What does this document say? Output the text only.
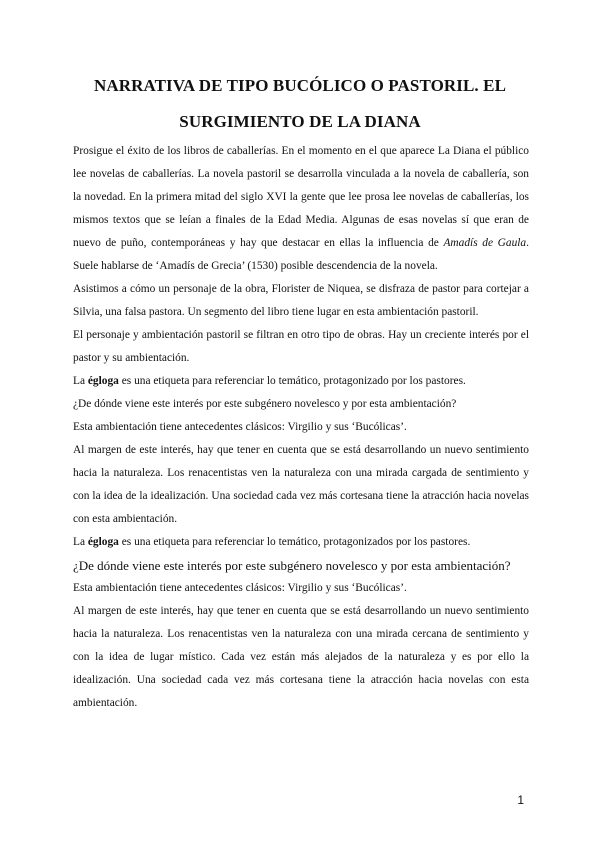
NARRATIVA DE TIPO BUCÓLICO O PASTORIL. EL
SURGIMIENTO DE LA DIANA

Prosigue el éxito de los libros de caballerías. En el momento en el que aparece La Diana el público lee novelas de caballerías. La novela pastoril se desarrolla vinculada a la novela de caballería, son la novedad. En la primera mitad del siglo XVI la gente que lee prosa lee novelas de caballerías, los mismos textos que se leían a finales de la Edad Media. Algunas de esas novelas sí que eran de nuevo de puño, contemporáneas y hay que destacar en ellas la influencia de Amadís de Gaula. Suele hablarse de ‘Amadís de Grecia’ (1530) posible descendencia de la novela.

Asistimos a cómo un personaje de la obra, Florister de Niquea, se disfraza de pastor para cortejar a Silvia, una falsa pastora. Un segmento del libro tiene lugar en esta ambientación pastoril.

El personaje y ambientación pastoril se filtran en otro tipo de obras. Hay un creciente interés por el pastor y su ambientación.

La égloga es una etiqueta para referenciar lo temático, protagonizado por los pastores.

¿De dónde viene este interés por este subgénero novelesco y por esta ambientación?

Esta ambientación tiene antecedentes clásicos: Virgilio y sus ‘Bucólicas’.

Al margen de este interés, hay que tener en cuenta que se está desarrollando un nuevo sentimiento hacia la naturaleza. Los renacentistas ven la naturaleza con una mirada cargada de sentimiento y con la idea de la idealización. Una sociedad cada vez más cortesana tiene la atracción hacia novelas con esta ambientación.

La égloga es una etiqueta para referenciar lo temático, protagonizados por los pastores.

¿De dónde viene este interés por este subgénero novelesco y por esta ambientación?

Esta ambientación tiene antecedentes clásicos: Virgilio y sus ‘Bucólicas’.

Al margen de este interés, hay que tener en cuenta que se está desarrollando un nuevo sentimiento hacia la naturaleza. Los renacentistas ven la naturaleza con una mirada cercana de sentimiento y con la idea de lugar místico. Cada vez están más alejados de la naturaleza y es por ello la idealización. Una sociedad cada vez más cortesana tiene la atracción hacia novelas con esta ambientación.

1
